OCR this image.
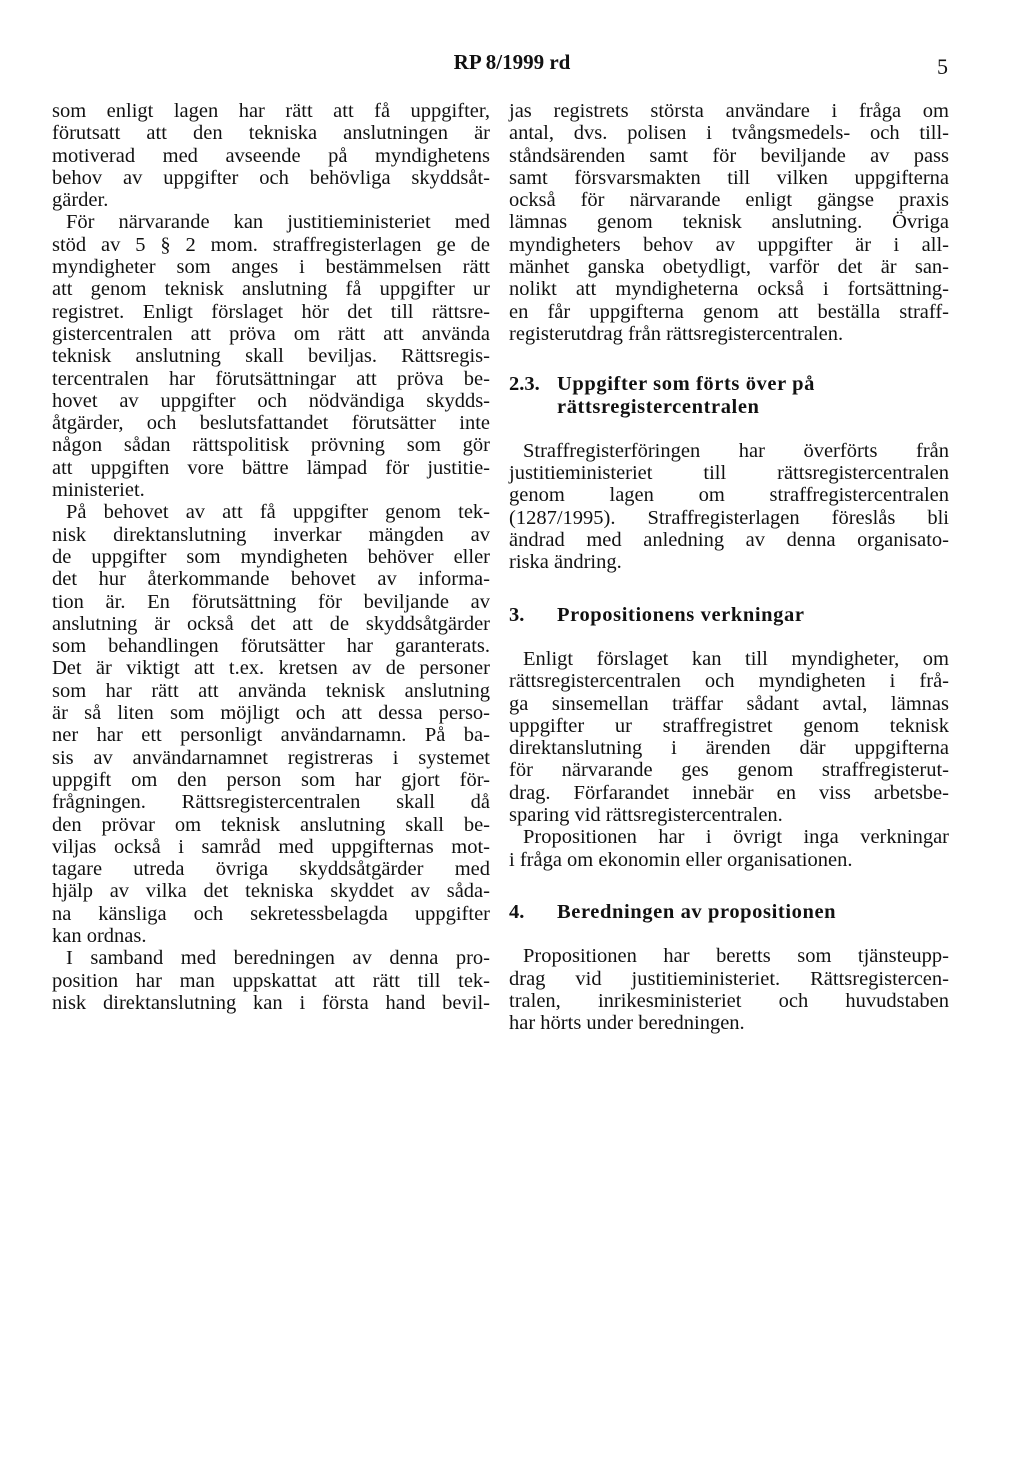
RP 8/1999 rd	5
som enligt lagen har rätt att få uppgifter,
förutsatt att den tekniska anslutningen är
motiverad med avseende på myndighetens
behov av uppgifter och behövliga skyddsåt-
gärder.
För närvarande kan justitieministeriet med
stöd av 5 § 2 mom. straffregisterlagen ge de
myndigheter som anges i bestämmelsen rätt
att genom teknisk anslutning få uppgifter ur
registret. Enligt förslaget hör det till rättsre-
gistercentralen att pröva om rätt att använda
teknisk anslutning skall beviljas. Rättsregis-
tercentralen har förutsättningar att pröva be-
hovet av uppgifter och nödvändiga skydds-
åtgärder, och beslutsfattandet förutsätter inte
någon sådan rättspolitisk prövning som gör
att uppgiften vore bättre lämpad för justitie-
ministeriet.
På behovet av att få uppgifter genom tek-
nisk direktanslutning inverkar mängden av
de uppgifter som myndigheten behöver eller
det hur återkommande behovet av informa-
tion är. En förutsättning för beviljande av
anslutning är också det att de skyddsåtgärder
som behandlingen förutsätter har garanterats.
Det är viktigt att t.ex. kretsen av de personer
som har rätt att använda teknisk anslutning
är så liten som möjligt och att dessa perso-
ner har ett personligt användarnamn. På ba-
sis av användarnamnet registreras i systemet
uppgift om den person som har gjort för-
frågningen. Rättsregistercentralen skall då
den prövar om teknisk anslutning skall be-
viljas också i samråd med uppgifternas mot-
tagare utreda övriga skyddsåtgärder med
hjälp av vilka det tekniska skyddet av såda-
na känsliga och sekretessbelagda uppgifter
kan ordnas.
I samband med beredningen av denna pro-
position har man uppskattat att rätt till tek-
nisk direktanslutning kan i första hand bevil-
jas registrets största användare i fråga om
antal, dvs. polisen i tvångsmedels- och till-
ståndsärenden samt för beviljande av pass
samt försvarsmakten till vilken uppgifterna
också för närvarande enligt gängse praxis
lämnas genom teknisk anslutning. Övriga
myndigheters behov av uppgifter är i all-
mänhet ganska obetydligt, varför det är san-
nolikt att myndigheterna också i fortsättning-
en får uppgifterna genom att beställa straff-
registerutdrag från rättsregistercentralen.
2.3. Uppgifter som förts över på
rättsregistercentralen
Straffregisterföringen har överförts från
justitieministeriet till rättsregistercentralen
genom lagen om straffregistercentralen
(1287/1995). Straffregisterlagen föreslås bli
ändrad med anledning av denna organisato-
riska ändring.
3.	Propositionens verkningar
Enligt förslaget kan till myndigheter, om
rättsregistercentralen och myndigheten i frå-
ga sinsemellan träffar sådant avtal, lämnas
uppgifter ur straffregistret genom teknisk
direktanslutning i ärenden där uppgifterna
för närvarande ges genom straffregisterut-
drag. Förfarandet innebär en viss arbetsbe-
sparing vid rättsregistercentralen.
Propositionen har i övrigt inga verkningar
i fråga om ekonomin eller organisationen.
4.	Beredningen av propositionen
Propositionen har beretts som tjänsteupp-
drag vid justitieministeriet. Rättsregistercen-
tralen, inrikesministeriet och huvudstaben
har hörts under beredningen.
